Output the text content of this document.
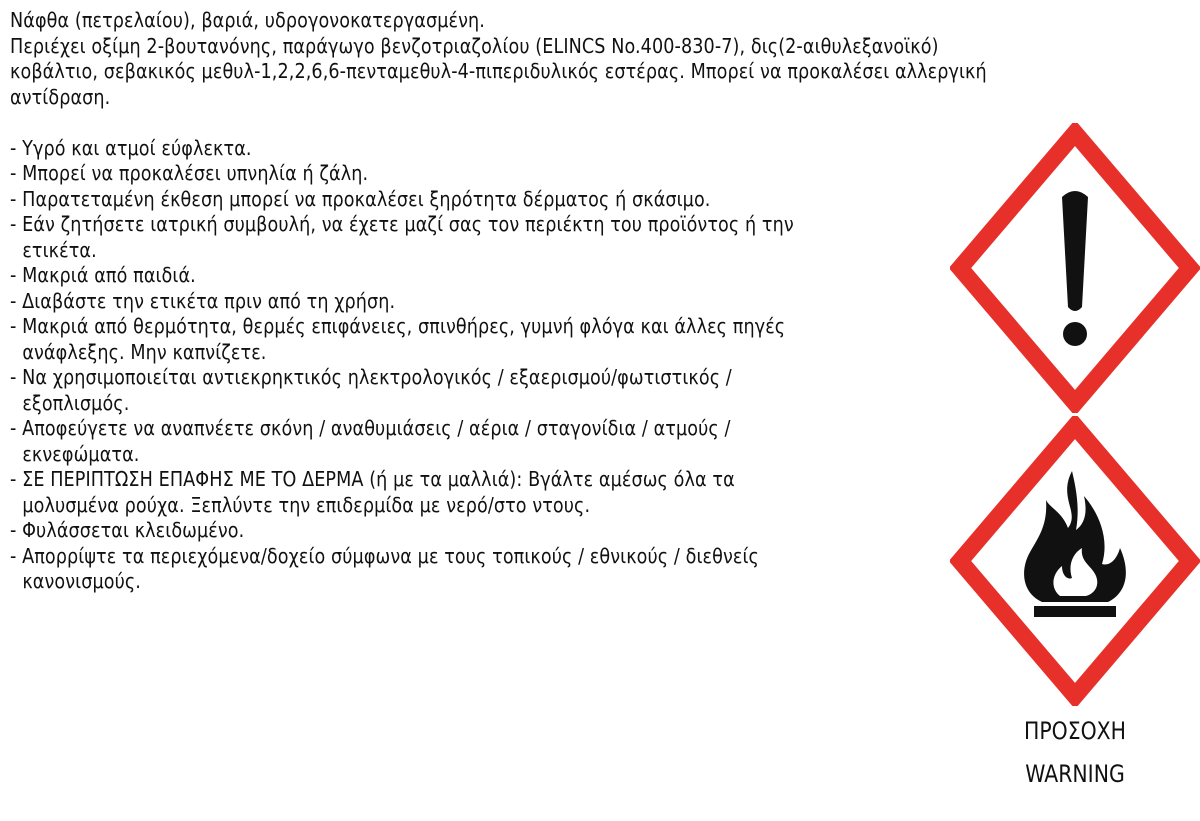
Νάφθα (πετρελαίου), βαριά, υδρογονοκατεργασμένη.
Περιέχει οξίμη 2-βουτανόνης, παράγωγο βενζοτριαζολίου (ELINCS No.400-830-7), δις(2-αιθυλεξανοϊκό)
κοβάλτιο, σεβακικός μεθυλ-1,2,2,6,6-πενταμεθυλ-4-πιπεριδυλικός εστέρας. Μπορεί να προκαλέσει αλλεργική
αντίδραση.
- Υγρό και ατμοί εύφλεκτα.
- Μπορεί να προκαλέσει υπνηλία ή ζάλη.
- Παρατεταμένη έκθεση μπορεί να προκαλέσει ξηρότητα δέρματος ή σκάσιμο.
- Εάν ζητήσετε ιατρική συμβουλή, να έχετε μαζί σας τον περιέκτη του προϊόντος ή την
ετικέτα.
- Μακριά από παιδιά.
- Διαβάστε την ετικέτα πριν από τη χρήση.
- Μακριά από θερμότητα, θερμές επιφάνειες, σπινθήρες, γυμνή φλόγα και άλλες πηγές
ανάφλεξης. Μην καπνίζετε.
- Να χρησιμοποιείται αντιεκρηκτικός ηλεκτρολογικός / εξαερισμού/φωτιστικός /
εξοπλισμός.
- Αποφεύγετε να αναπνέετε σκόνη / αναθυμιάσεις / αέρια / σταγονίδια / ατμούς /
εκνεφώματα.
- ΣΕ ΠΕΡΙΠΤΩΣΗ ΕΠΑΦΗΣ ΜΕ ΤΟ ΔΕΡΜΑ (ή με τα μαλλιά): Βγάλτε αμέσως όλα τα
μολυσμένα ρούχα. Ξεπλύντε την επιδερμίδα με νερό/στο ντους.
- Φυλάσσεται κλειδωμένο.
- Απορρίψτε τα περιεχόμενα/δοχείο σύμφωνα με τους τοπικούς / εθνικούς / διεθνείς
κανονισμούς.
ΠΡΟΣΟΧΗ
WARNING
